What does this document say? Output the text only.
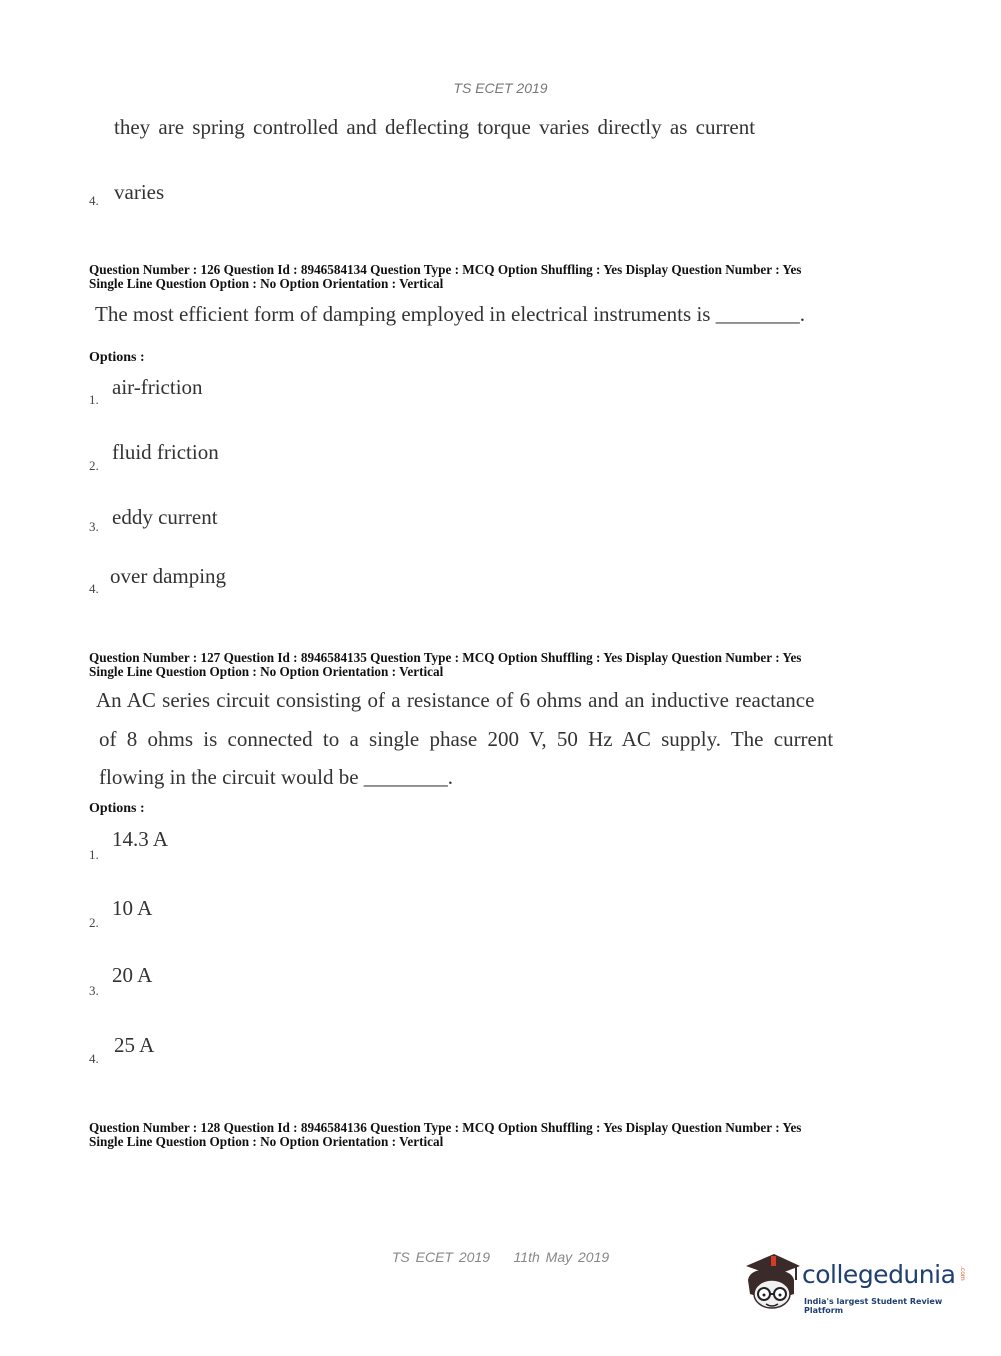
TS ECET 2019
they are spring controlled and deflecting torque varies directly as current
4. varies
Question Number : 126 Question Id : 8946584134 Question Type : MCQ Option Shuffling : Yes Display Question Number : Yes
Single Line Question Option : No Option Orientation : Vertical
The most efficient form of damping employed in electrical instruments is ________.
Options :
1.
air-friction
2.
fluid friction
3. eddy current
4.
over damping
Question Number : 127 Question Id : 8946584135 Question Type : MCQ Option Shuffling : Yes Display Question Number : Yes
Single Line Question Option : No Option Orientation : Vertical
An AC series circuit consisting of a resistance of 6 ohms and an inductive reactance
of 8 ohms is connected to a single phase 200 V, 50 Hz AC supply. The current
flowing in the circuit would be ________.
Options :
1.
14.3 A
2.
10 A
3.
20 A
4.
25 A
Question Number : 128 Question Id : 8946584136 Question Type : MCQ Option Shuffling : Yes Display Question Number : Yes
Single Line Question Option : No Option Orientation : Vertical
TS ECET 2019    11th May 2019
collegedunia .com
India's largest Student Review Platform
